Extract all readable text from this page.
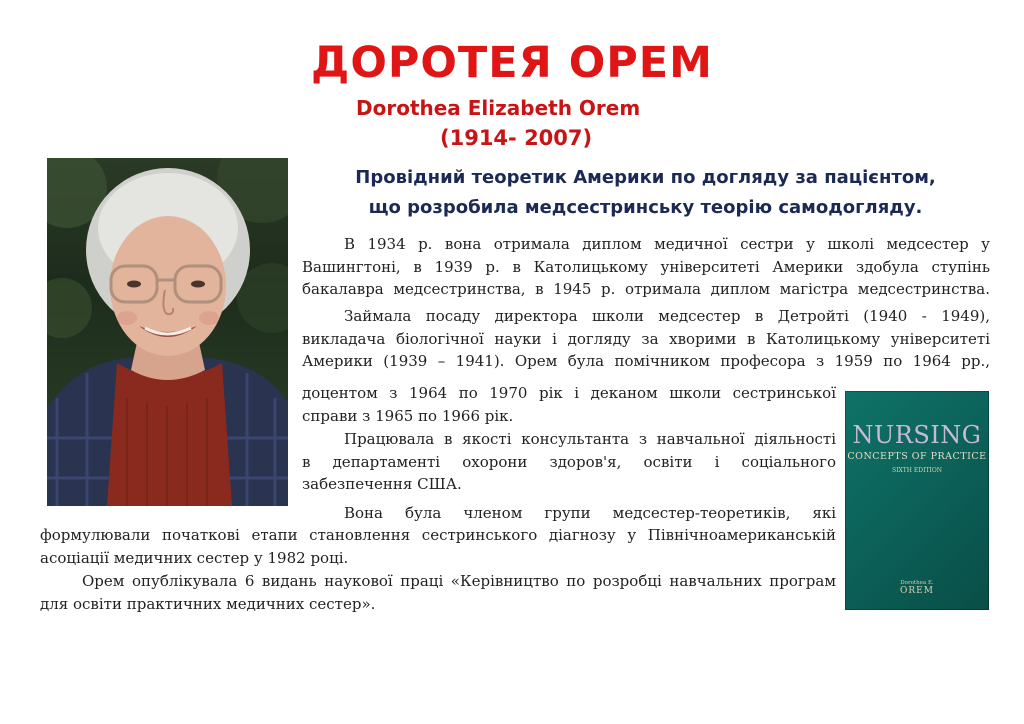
ДОРОТЕЯ ОРЕМ
Dorothea Elizabeth Orem
(1914- 2007)
Провідний теоретик Америки по догляду за пацієнтом,
що розробила медсестринську теорію самодогляду.
NURSING
CONCEPTS OF PRACTICE
SIXTH EDITION
Dorothea E.
OREM
В 1934 р. вона отримала диплом медичної сестри у школі медсестер у
Вашингтоні, в 1939 р. в Католицькому університеті Америки здобула ступінь
бакалавра медсестринства, в 1945 р. отримала диплом магістра медсестринства.
Займала посаду директора школи медсестер в Детройті (1940 - 1949),
викладача біологічної науки і догляду за хворими в Католицькому університеті
Америки (1939 – 1941). Орем була помічником професора з 1959 по 1964 рр.,
доцентом з 1964 по 1970 рік і деканом школи сестринської
справи з 1965 по 1966 рік.
Працювала в якості консультанта з навчальної діяльності
в департаменті охорони здоров'я, освіти і соціального
забезпечення США.
Вона була членом групи медсестер-теоретиків, які
формулювали початкові етапи становлення сестринського діагнозу у Північноамериканській
асоціації медичних сестер у 1982 році.
Орем опублікувала 6 видань наукової праці «Керівництво по розробці навчальних програм
для освіти практичних медичних сестер».
